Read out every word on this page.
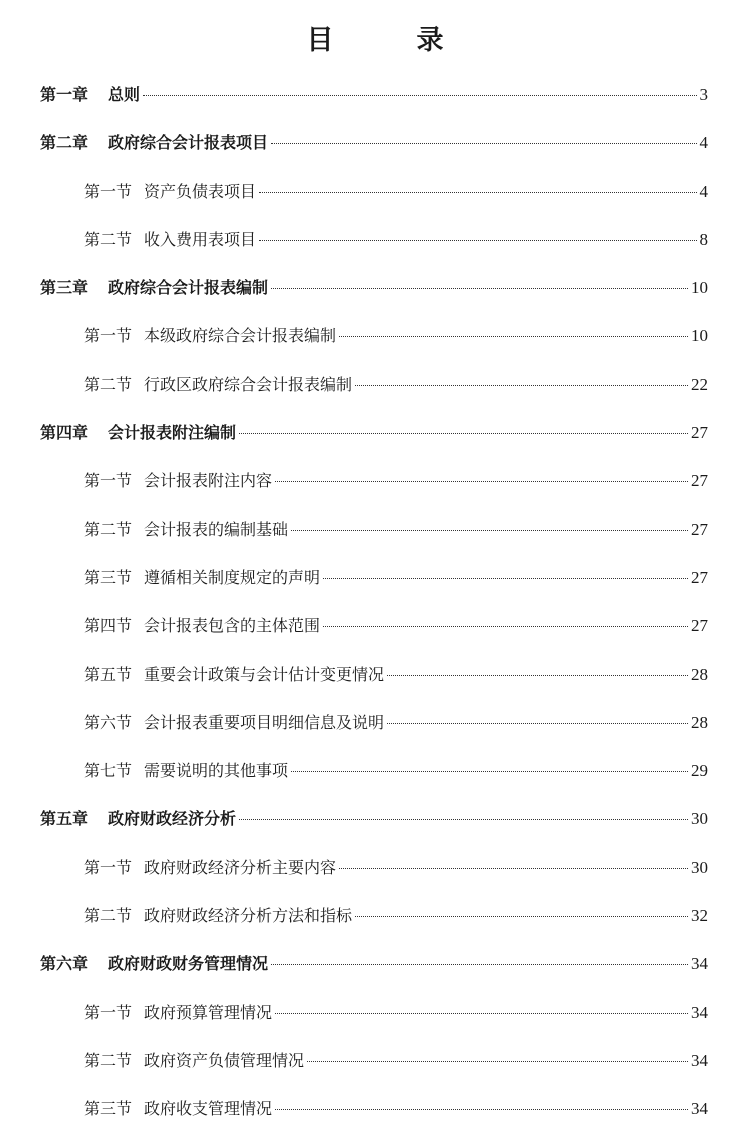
目　录
第一章 总则	3
第二章 政府综合会计报表项目	4
第一节 资产负债表项目	4
第二节 收入费用表项目	8
第三章 政府综合会计报表编制	10
第一节 本级政府综合会计报表编制	10
第二节 行政区政府综合会计报表编制	22
第四章 会计报表附注编制	27
第一节 会计报表附注内容	27
第二节 会计报表的编制基础	27
第三节 遵循相关制度规定的声明	27
第四节 会计报表包含的主体范围	27
第五节 重要会计政策与会计估计变更情况	28
第六节 会计报表重要项目明细信息及说明	28
第七节 需要说明的其他事项	29
第五章 政府财政经济分析	30
第一节 政府财政经济分析主要内容	30
第二节 政府财政经济分析方法和指标	32
第六章 政府财政财务管理情况	34
第一节 政府预算管理情况	34
第二节 政府资产负债管理情况	34
第三节 政府收支管理情况	34
